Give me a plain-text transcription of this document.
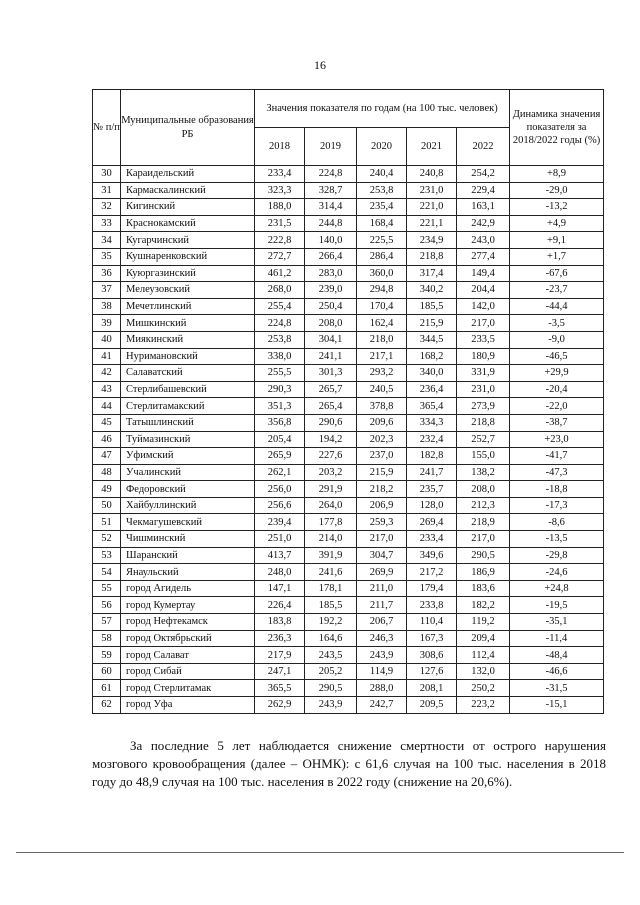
16
№ п/п	Муниципальные образования РБ	Значения показателя по годам (на 100 тыс. человек)					Динамика значения показателя за 2018/2022 годы (%)
		2018	2019	2020	2021	2022	
30	Карaидельский	233,4	224,8	240,4	240,8	254,2	+8,9
31	Кармаскалинский	323,3	328,7	253,8	231,0	229,4	-29,0
32	Кигинский	188,0	314,4	235,4	221,0	163,1	-13,2
33	Краснокамский	231,5	244,8	168,4	221,1	242,9	+4,9
34	Кугарчинский	222,8	140,0	225,5	234,9	243,0	+9,1
35	Кушнаренковский	272,7	266,4	286,4	218,8	277,4	+1,7
36	Куюргазинский	461,2	283,0	360,0	317,4	149,4	-67,6
37	Мелеузовский	268,0	239,0	294,8	340,2	204,4	-23,7
38	Мечетлинский	255,4	250,4	170,4	185,5	142,0	-44,4
39	Мишкинский	224,8	208,0	162,4	215,9	217,0	-3,5
40	Миякинский	253,8	304,1	218,0	344,5	233,5	-9,0
41	Нуримановский	338,0	241,1	217,1	168,2	180,9	-46,5
42	Салаватский	255,5	301,3	293,2	340,0	331,9	+29,9
43	Стерлибашевский	290,3	265,7	240,5	236,4	231,0	-20,4
44	Стерлитамакский	351,3	265,4	378,8	365,4	273,9	-22,0
45	Татышлинский	356,8	290,6	209,6	334,3	218,8	-38,7
46	Туймазинский	205,4	194,2	202,3	232,4	252,7	+23,0
47	Уфимский	265,9	227,6	237,0	182,8	155,0	-41,7
48	Учалинский	262,1	203,2	215,9	241,7	138,2	-47,3
49	Федоровский	256,0	291,9	218,2	235,7	208,0	-18,8
50	Хайбуллинский	256,6	264,0	206,9	128,0	212,3	-17,3
51	Чекмагушевский	239,4	177,8	259,3	269,4	218,9	-8,6
52	Чишминский	251,0	214,0	217,0	233,4	217,0	-13,5
53	Шаранский	413,7	391,9	304,7	349,6	290,5	-29,8
54	Янаульский	248,0	241,6	269,9	217,2	186,9	-24,6
55	город Агидель	147,1	178,1	211,0	179,4	183,6	+24,8
56	город Кумертау	226,4	185,5	211,7	233,8	182,2	-19,5
57	город Нефтекамск	183,8	192,2	206,7	110,4	119,2	-35,1
58	город Октябрьский	236,3	164,6	246,3	167,3	209,4	-11,4
59	город Салават	217,9	243,5	243,9	308,6	112,4	-48,4
60	город Сибай	247,1	205,2	114,9	127,6	132,0	-46,6
61	город Стерлитамак	365,5	290,5	288,0	208,1	250,2	-31,5
62	город Уфа	262,9	243,9	242,7	209,5	223,2	-15,1

За последние 5 лет наблюдается снижение смертности от острого нарушения мозгового кровообращения (далее – ОНМК): с 61,6 случая на 100 тыс. населения в 2018 году до 48,9 случая на 100 тыс. населения в 2022 году (снижение на 20,6%).
